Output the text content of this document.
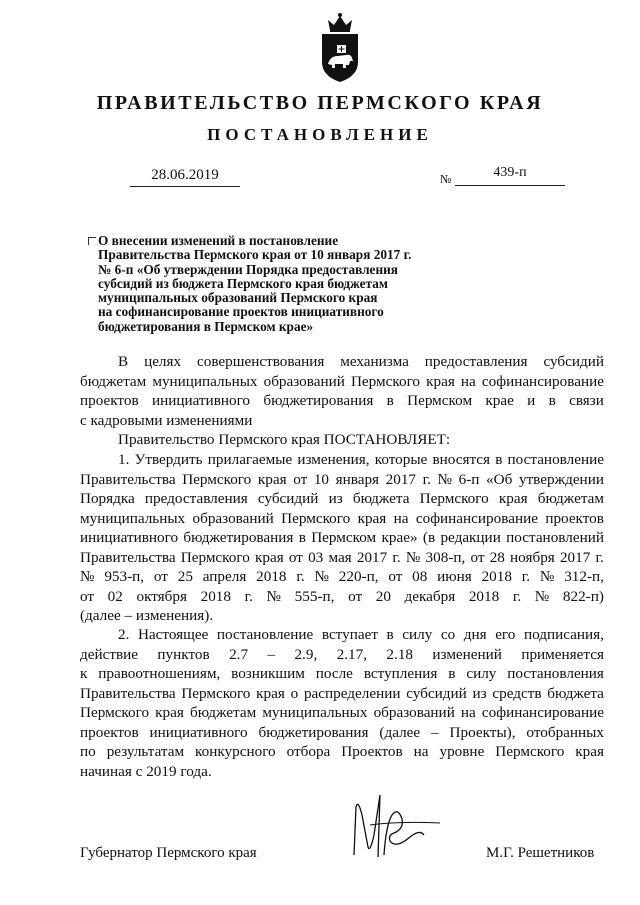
ПРАВИТЕЛЬСТВО ПЕРМСКОГО КРАЯ
ПОСТАНОВЛЕНИЕ
28.06.2019	№	439-п
О внесении изменений в постановление
Правительства Пермского края от 10 января 2017 г.
№ 6-п «Об утверждении Порядка предоставления
субсидий из бюджета Пермского края бюджетам
муниципальных образований Пермского края
на софинансирование проектов инициативного
бюджетирования в Пермском крае»
В целях совершенствования механизма предоставления субсидий
бюджетам муниципальных образований Пермского края на софинансирование
проектов инициативного бюджетирования в Пермском крае и в связи
с кадровыми изменениями
Правительство Пермского края ПОСТАНОВЛЯЕТ:
1. Утвердить прилагаемые изменения, которые вносятся в постановление
Правительства Пермского края от 10 января 2017 г. № 6-п «Об утверждении
Порядка предоставления субсидий из бюджета Пермского края бюджетам
муниципальных образований Пермского края на софинансирование проектов
инициативного бюджетирования в Пермском крае» (в редакции постановлений
Правительства Пермского края от 03 мая 2017 г. № 308-п, от 28 ноября 2017 г.
№ 953-п, от 25 апреля 2018 г. № 220-п, от 08 июня 2018 г. № 312-п,
от 02 октября 2018 г. № 555-п, от 20 декабря 2018 г. № 822-п)
(далее – изменения).
2. Настоящее постановление вступает в силу со дня его подписания,
действие пунктов 2.7 – 2.9, 2.17, 2.18 изменений применяется
к правоотношениям, возникшим после вступления в силу постановления
Правительства Пермского края о распределении субсидий из средств бюджета
Пермского края бюджетам муниципальных образований на софинансирование
проектов инициативного бюджетирования (далее – Проекты), отобранных
по результатам конкурсного отбора Проектов на уровне Пермского края
начиная с 2019 года.
Губернатор Пермского края	М.Г. Решетников
